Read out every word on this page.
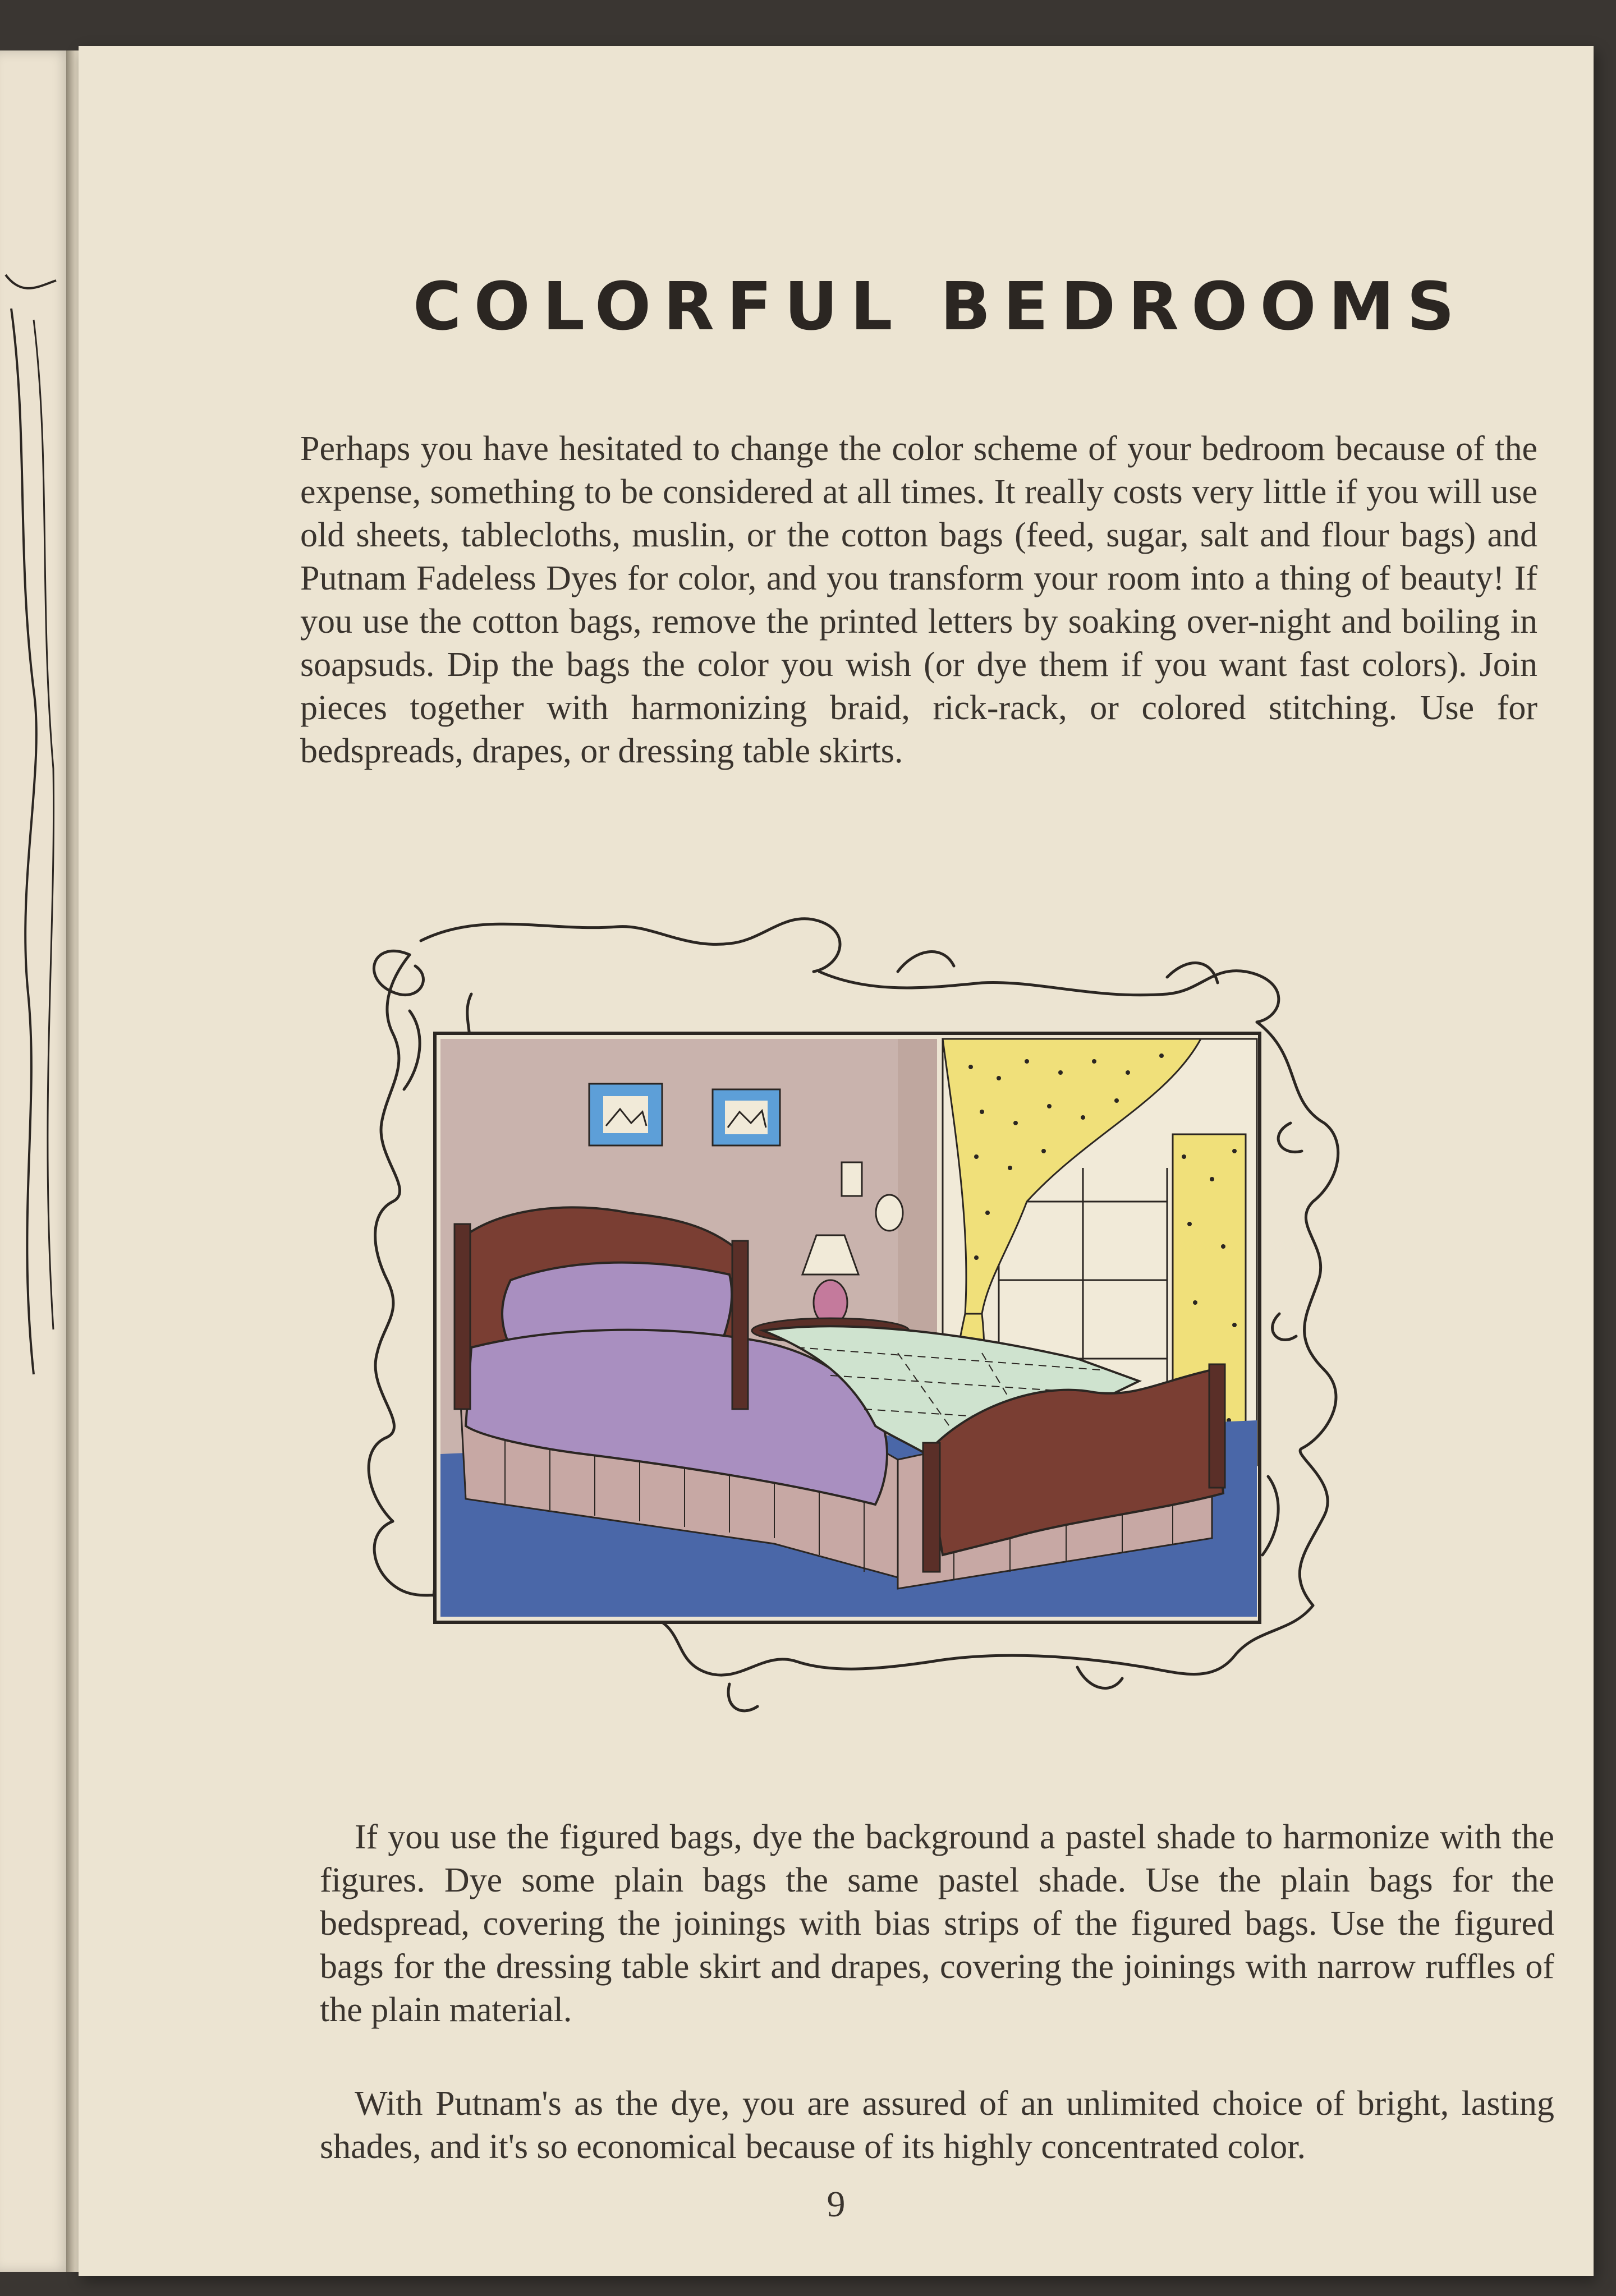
COLORFUL BEDROOMS

Perhaps you have hesitated to change the color scheme of your bedroom because of the expense, something to be considered at all times. It really costs very little if you will use old sheets, tablecloths, muslin, or the cotton bags (feed, sugar, salt and flour bags) and Putnam Fadeless Dyes for color, and you transform your room into a thing of beauty! If you use the cotton bags, remove the printed letters by soaking over-night and boiling in soapsuds. Dip the bags the color you wish (or dye them if you want fast colors). Join pieces together with harmonizing braid, rick-rack, or colored stitching. Use for bedspreads, drapes, or dressing table skirts.

If you use the figured bags, dye the background a pastel shade to harmonize with the figures. Dye some plain bags the same pastel shade. Use the plain bags for the bedspread, covering the joinings with bias strips of the figured bags. Use the figured bags for the dressing table skirt and drapes, covering the joinings with narrow ruffles of the plain material.

With Putnam's as the dye, you are assured of an unlimited choice of bright, lasting shades, and it's so economical because of its highly concentrated color.

9
